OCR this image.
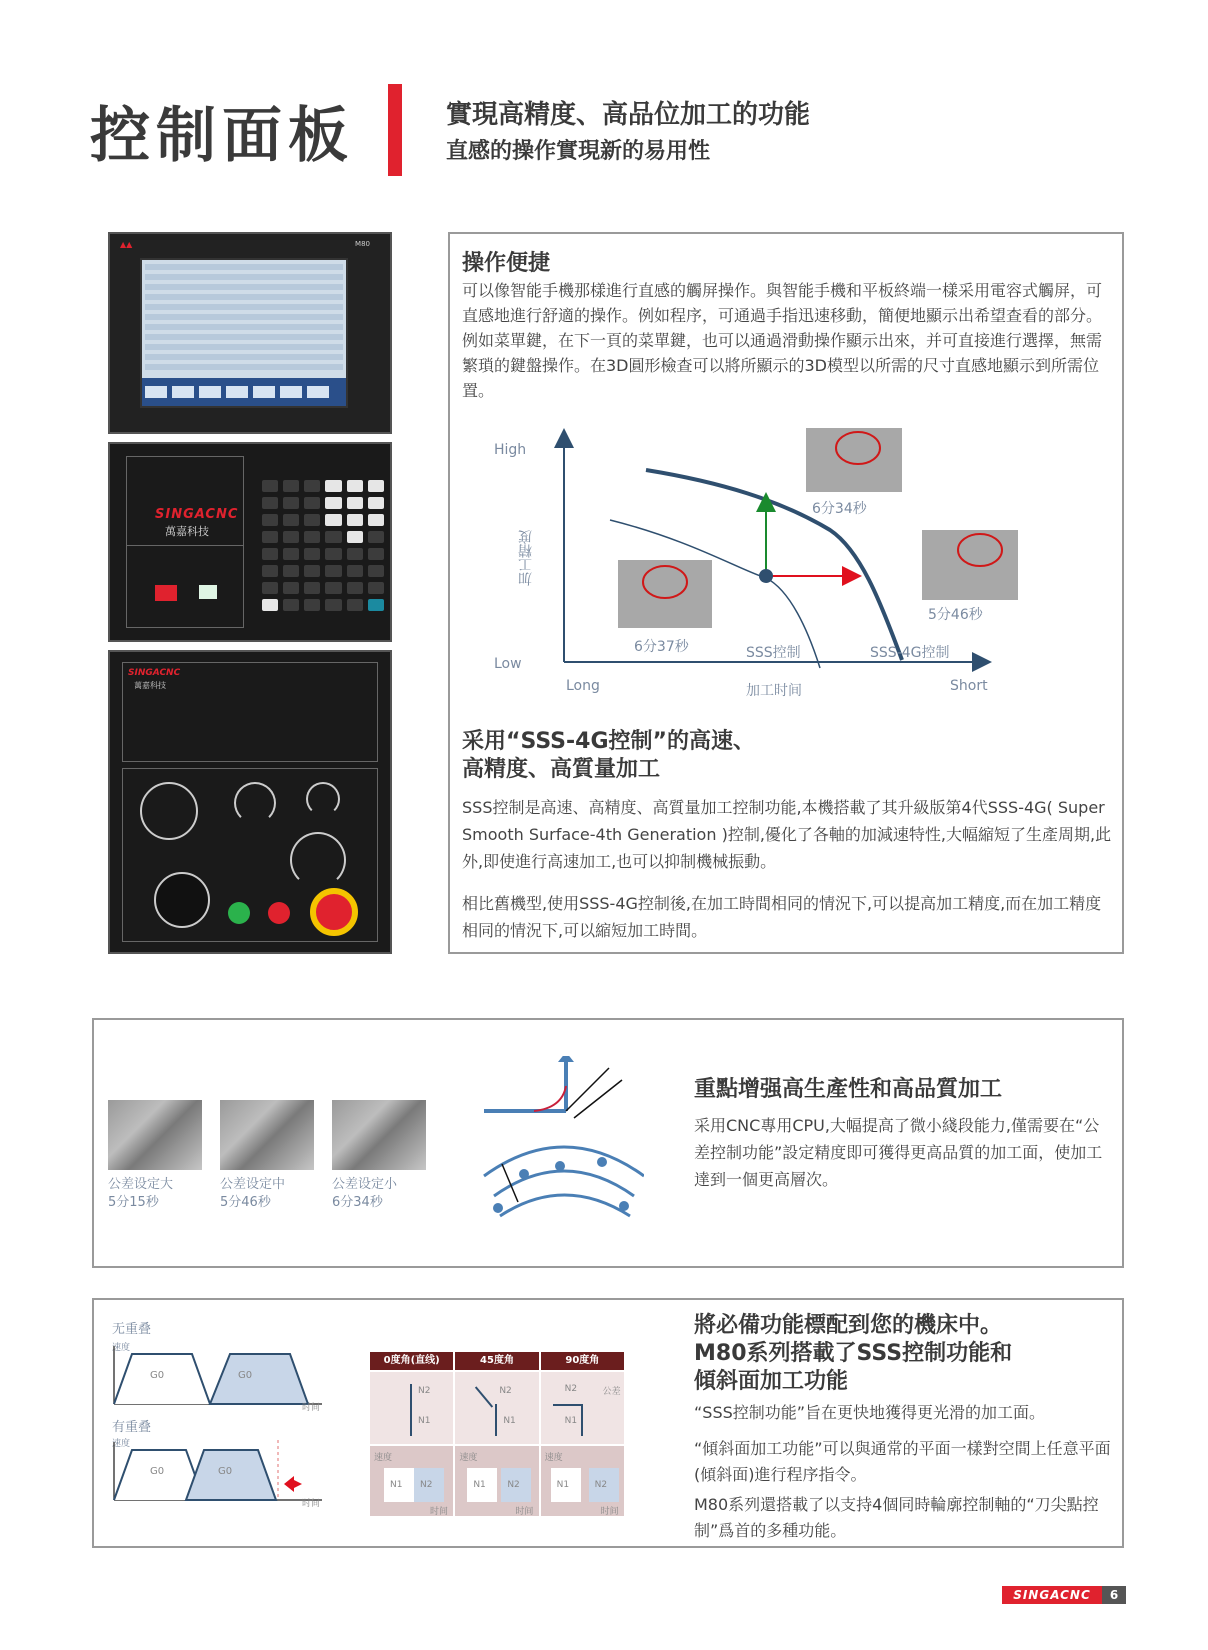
控制面板	實現高精度、高品位加工的功能
直感的操作實現新的易用性
▲▲	M80
SINGACNC
萬嘉科技
SINGACNC
萬嘉科技
操作便捷
可以像智能手機那樣進行直感的觸屏操作。與智能手機和平板終端一樣采用電容式觸屏，可直感地進行舒適的操作。例如程序，可通過手指迅速移動，簡便地顯示出希望查看的部分。例如菜單鍵，在下一頁的菜單鍵，也可以通過滑動操作顯示出來，并可直接進行選擇，無需繁瑣的鍵盤操作。在3D圓形檢查可以將所顯示的3D模型以所需的尺寸直感地顯示到所需位置。
High
Low
加工精度
Long	加工时间	Short
SSS控制	SSS-4G控制
6分37秒
6分34秒
5分46秒
采用“SSS-4G控制”的高速、
高精度、高質量加工
SSS控制是高速、高精度、高質量加工控制功能,本機搭載了其升級版第4代SSS-4G( Super Smooth Surface-4th Generation )控制,優化了各軸的加減速特性,大幅縮短了生產周期,此外,即使進行高速加工,也可以抑制機械振動。
相比舊機型,使用SSS-4G控制後,在加工時間相同的情況下,可以提高加工精度,而在加工精度相同的情況下,可以縮短加工時間。
公差设定大
5分15秒
公差设定中
5分46秒
公差设定小
6分34秒
重點增强高生產性和高品質加工
采用CNC專用CPU,大幅提高了微小綫段能力,僅需要在“公差控制功能”設定精度即可獲得更高品質的加工面，使加工達到一個更高層次。
无重叠
速度
G0	G0
时间
有重叠
速度
G0	G0
时间
0度角(直线)	45度角	90度角
N2
N1
N2
N1
N2
N1
公差
速度
N1 N2
时间
速度
N1 N2
时间
速度
N1	N2
时间
將必備功能標配到您的機床中。
M80系列搭載了SSS控制功能和
傾斜面加工功能
“SSS控制功能”旨在更快地獲得更光滑的加工面。
“傾斜面加工功能”可以與通常的平面一樣對空間上任意平面(傾斜面)進行程序指令。
M80系列還搭載了以支持4個同時輪廓控制軸的“刀尖點控制”爲首的多種功能。
SINGACNC	6
